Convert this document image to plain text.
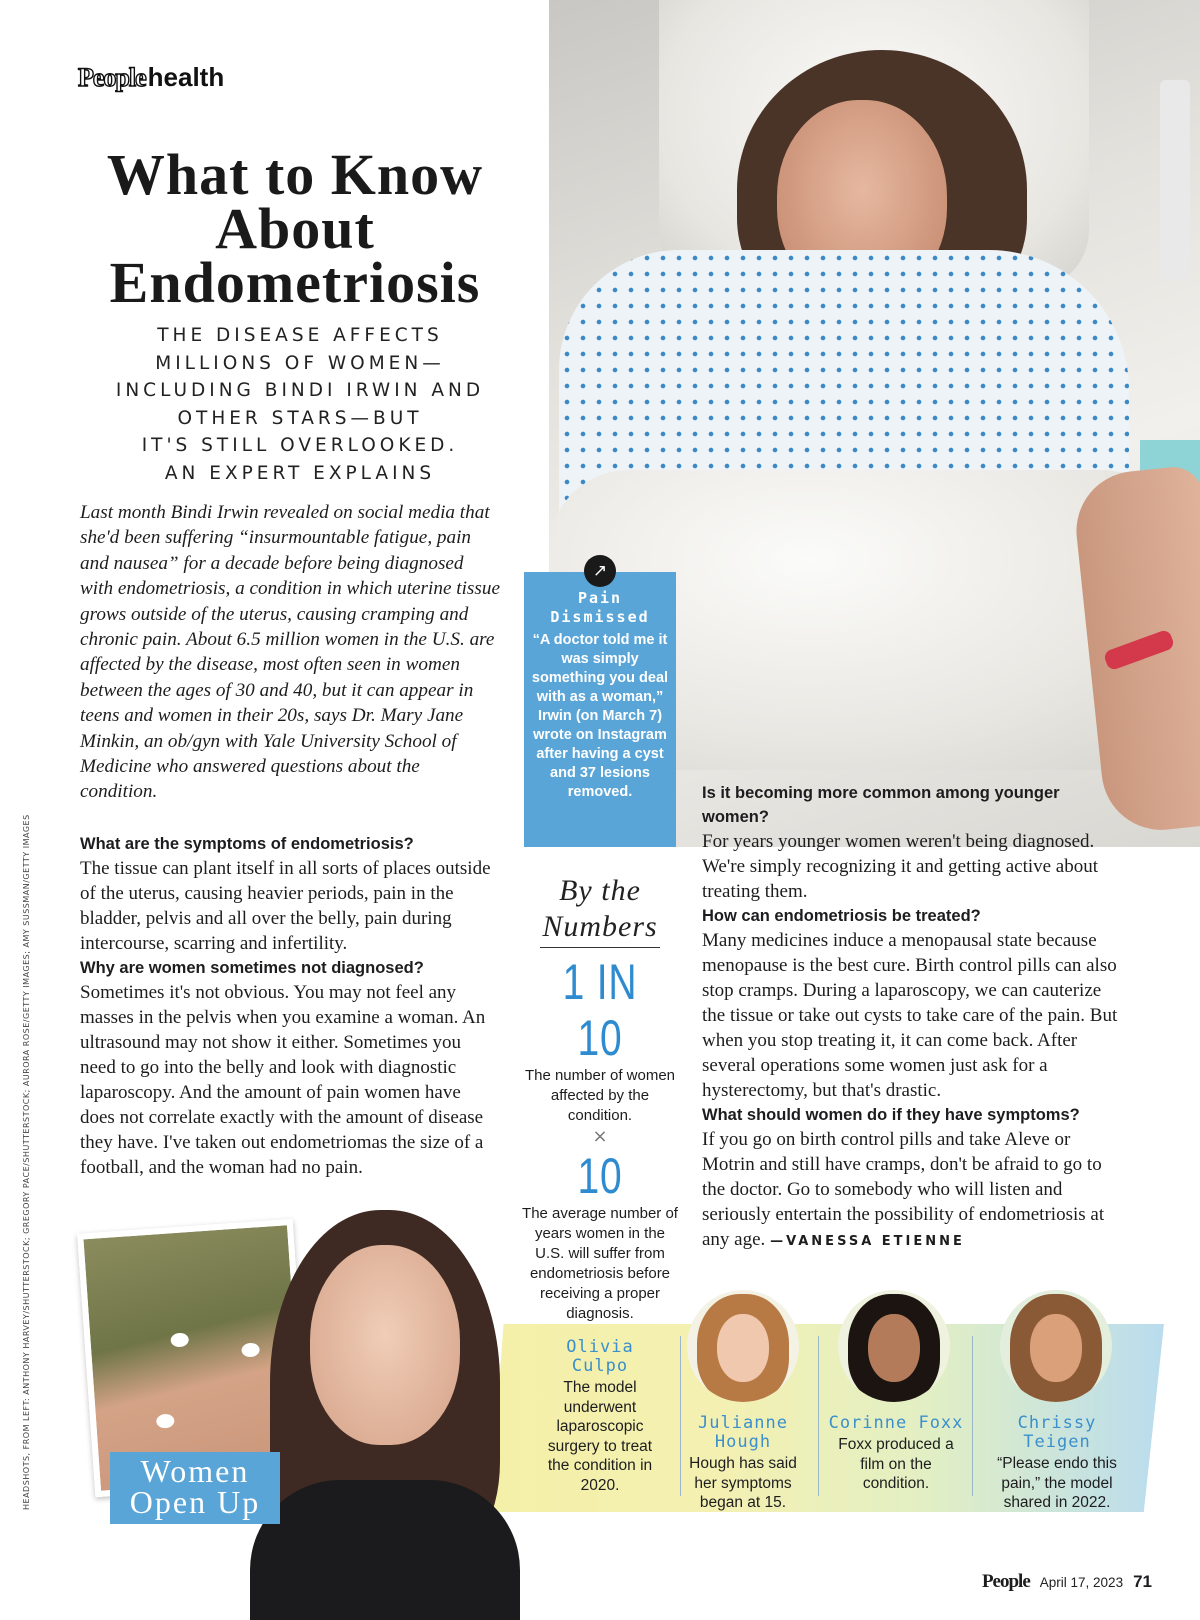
People health
What to Know About Endometriosis
THE DISEASE AFFECTS
MILLIONS OF WOMEN—
INCLUDING BINDI IRWIN AND
OTHER STARS—BUT
IT'S STILL OVERLOOKED.
AN EXPERT EXPLAINS

Last month Bindi Irwin revealed on social media that she'd been suffering “insurmountable fatigue, pain and nausea” for a decade before being diagnosed with endometriosis, a condition in which uterine tissue grows outside of the uterus, causing cramping and chronic pain. About 6.5 million women in the U.S. are affected by the disease, most often seen in women between the ages of 30 and 40, but it can appear in teens and women in their 20s, says Dr. Mary Jane Minkin, an ob/gyn with Yale University School of Medicine who answered questions about the condition.

What are the symptoms of endometriosis?

The tissue can plant itself in all sorts of places outside of the uterus, causing heavier periods, pain in the bladder, pelvis and all over the belly, pain during intercourse, scarring and infertility.

Why are women sometimes not diagnosed?

Sometimes it's not obvious. You may not feel any masses in the pelvis when you examine a woman. An ultrasound may not show it either. Sometimes you need to go into the belly and look with diagnostic laparoscopy. And the amount of pain women have does not correlate exactly with the amount of disease they have. I've taken out endometriomas the size of a football, and the woman had no pain.

↗
Pain Dismissed
“A doctor told me it was simply something you deal with as a woman,” Irwin (on March 7) wrote on Instagram after having a cyst and 37 lesions removed.	Is it becoming more common among younger women?

For years younger women weren't being diagnosed. We're simply recognizing it and getting active about treating them.

How can endometriosis be treated?

Many medicines induce a menopausal state because menopause is the best cure. Birth control pills can also stop cramps. During a laparoscopy, we can cauterize the tissue or take out cysts to take care of the pain. But when you stop treating it, it can come back. After several operations some women just ask for a hysterectomy, but that's drastic.

What should women do if they have symptoms?

If you go on birth control pills and take Aleve or Motrin and still have cramps, don't be afraid to go to the doctor. Go to somebody who will listen and seriously entertain the possibility of endometriosis at any age. —VANESSA ETIENNE

By the Numbers
1 IN 10
The number of women affected by the condition.
×
10
The average number of years women in the U.S. will suffer from endometriosis before receiving a proper diagnosis.
Women Open Up
Olivia Culpo
The model underwent laparoscopic surgery to treat the condition in 2020.
Julianne Hough
Hough has said her symptoms began at 15.
Corinne Foxx
Foxx produced a film on the condition.
Chrissy Teigen
“Please endo this pain,” the model shared in 2022.
HEADSHOTS, FROM LEFT: ANTHONY HARVEY/SHUTTERSTOCK; GREGORY PACE/SHUTTERSTOCK; AURORA ROSE/GETTY IMAGES; AMY SUSSMAN/GETTY IMAGES
People April 17, 2023 71
